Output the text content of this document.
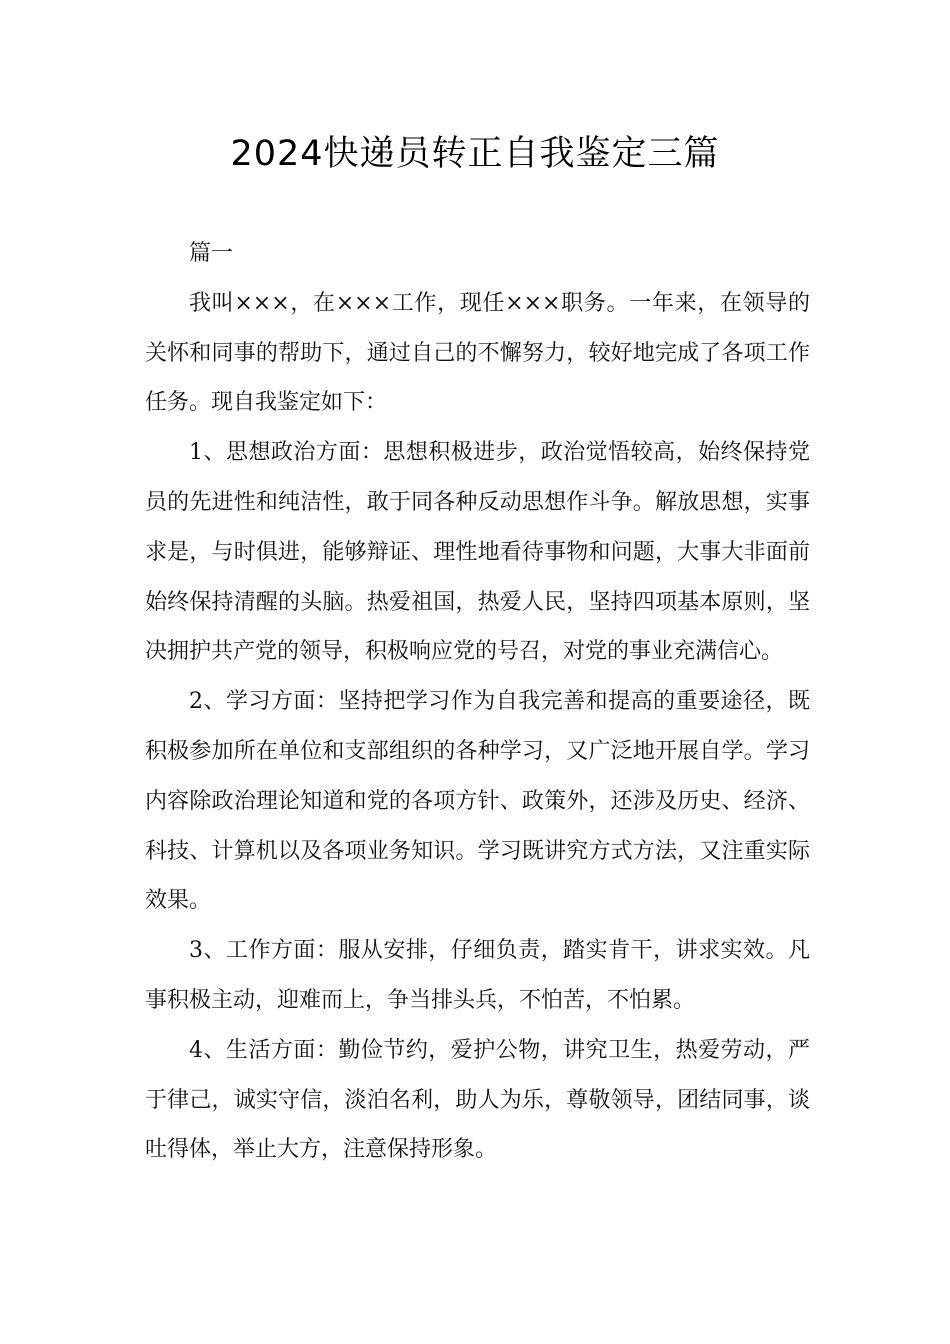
2024快递员转正自我鉴定三篇

篇一

我叫×××，在×××工作，现任×××职务。一年来，在领导的关怀和同事的帮助下，通过自己的不懈努力，较好地完成了各项工作任务。现自我鉴定如下：

1、思想政治方面：思想积极进步，政治觉悟较高，始终保持党员的先进性和纯洁性，敢于同各种反动思想作斗争。解放思想，实事求是，与时俱进，能够辩证、理性地看待事物和问题，大事大非面前始终保持清醒的头脑。热爱祖国，热爱人民，坚持四项基本原则，坚决拥护共产党的领导，积极响应党的号召，对党的事业充满信心。

2、学习方面：坚持把学习作为自我完善和提高的重要途径，既积极参加所在单位和支部组织的各种学习，又广泛地开展自学。学习内容除政治理论知道和党的各项方针、政策外，还涉及历史、经济、科技、计算机以及各项业务知识。学习既讲究方式方法，又注重实际效果。

3、工作方面：服从安排，仔细负责，踏实肯干，讲求实效。凡事积极主动，迎难而上，争当排头兵，不怕苦，不怕累。

4、生活方面：勤俭节约，爱护公物，讲究卫生，热爱劳动，严于律己，诚实守信，淡泊名利，助人为乐，尊敬领导，团结同事，谈吐得体，举止大方，注意保持形象。
